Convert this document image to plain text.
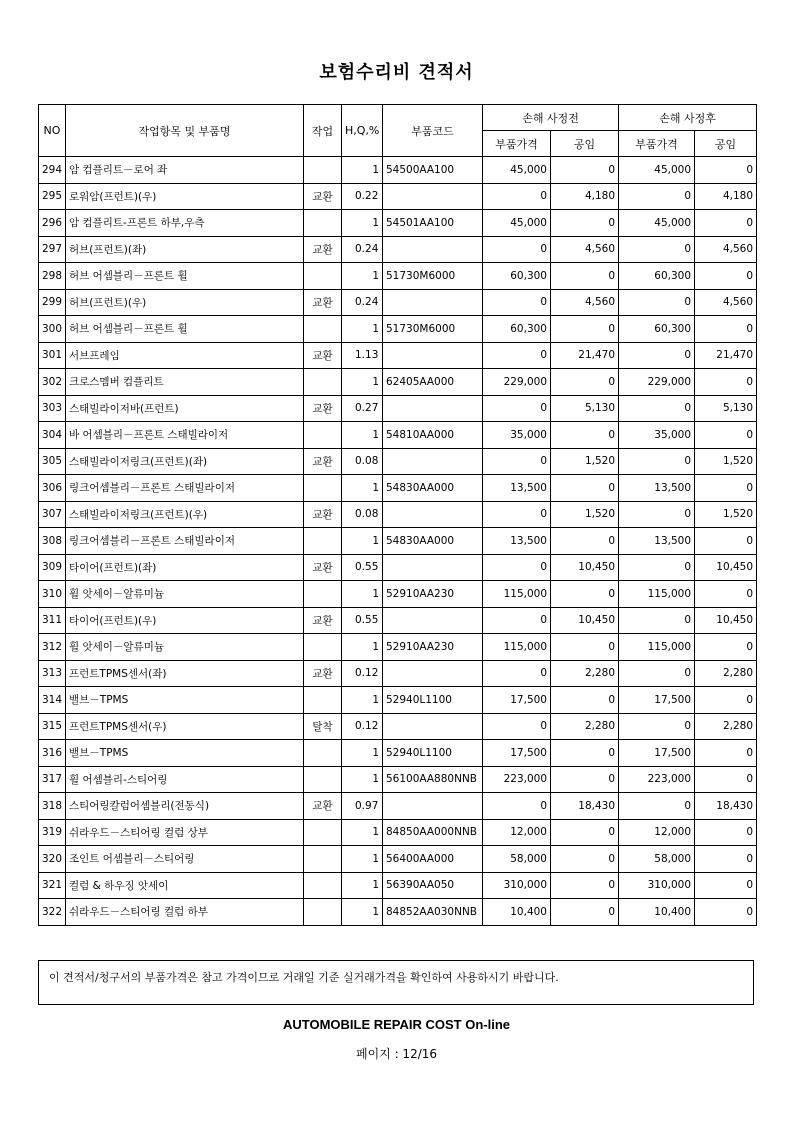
보험수리비 견적서
NO	작업항목 및 부품명	작업	H,Q,%	부품코드	손해 사정전		손해 사정후	
					부품가격	공임	부품가격	공임
294	암 컴플리트－로어 좌		1	54500AA100	45,000	0	45,000	0
295	로워암(프런트)(우)	교환	0.22		0	4,180	0	4,180
296	암 컴플리트-프론트 하부,우측		1	54501AA100	45,000	0	45,000	0
297	허브(프런트)(좌)	교환	0.24		0	4,560	0	4,560
298	허브 어셈블리－프론트 휠		1	51730M6000	60,300	0	60,300	0
299	허브(프런트)(우)	교환	0.24		0	4,560	0	4,560
300	허브 어셈블리－프론트 휠		1	51730M6000	60,300	0	60,300	0
301	서브프레임	교환	1.13		0	21,470	0	21,470
302	크로스멤버 컴플리트		1	62405AA000	229,000	0	229,000	0
303	스태빌라이저바(프런트)	교환	0.27		0	5,130	0	5,130
304	바 어셈블리－프론트 스태빌라이저		1	54810AA000	35,000	0	35,000	0
305	스태빌라이저링크(프런트)(좌)	교환	0.08		0	1,520	0	1,520
306	링크어셈블리－프론트 스태빌라이저		1	54830AA000	13,500	0	13,500	0
307	스태빌라이저링크(프런트)(우)	교환	0.08		0	1,520	0	1,520
308	링크어셈블리－프론트 스태빌라이저		1	54830AA000	13,500	0	13,500	0
309	타이어(프런트)(좌)	교환	0.55		0	10,450	0	10,450
310	휠 앗세이－알류미늄		1	52910AA230	115,000	0	115,000	0
311	타이어(프런트)(우)	교환	0.55		0	10,450	0	10,450
312	휠 앗세이－알류미늄		1	52910AA230	115,000	0	115,000	0
313	프런트TPMS센서(좌)	교환	0.12		0	2,280	0	2,280
314	밸브－TPMS		1	52940L1100	17,500	0	17,500	0
315	프런트TPMS센서(우)	탈착	0.12		0	2,280	0	2,280
316	밸브－TPMS		1	52940L1100	17,500	0	17,500	0
317	휠 어셈블리-스티어링		1	56100AA880NNB	223,000	0	223,000	0
318	스티어링칼럼어셈블리(전동식)	교환	0.97		0	18,430	0	18,430
319	쉬라우드－스티어링 컬럼 상부		1	84850AA000NNB	12,000	0	12,000	0
320	조인트 어셈블리－스티어링		1	56400AA000	58,000	0	58,000	0
321	컬럼 & 하우징 앗세이		1	56390AA050	310,000	0	310,000	0
322	쉬라우드－스티어링 컬럼 하부		1	84852AA030NNB	10,400	0	10,400	0
이 견적서/청구서의 부품가격은 참고 가격이므로 거래일 기준 실거래가격을 확인하여 사용하시기 바랍니다.
AUTOMOBILE REPAIR COST On-line
페이지 : 12/16
